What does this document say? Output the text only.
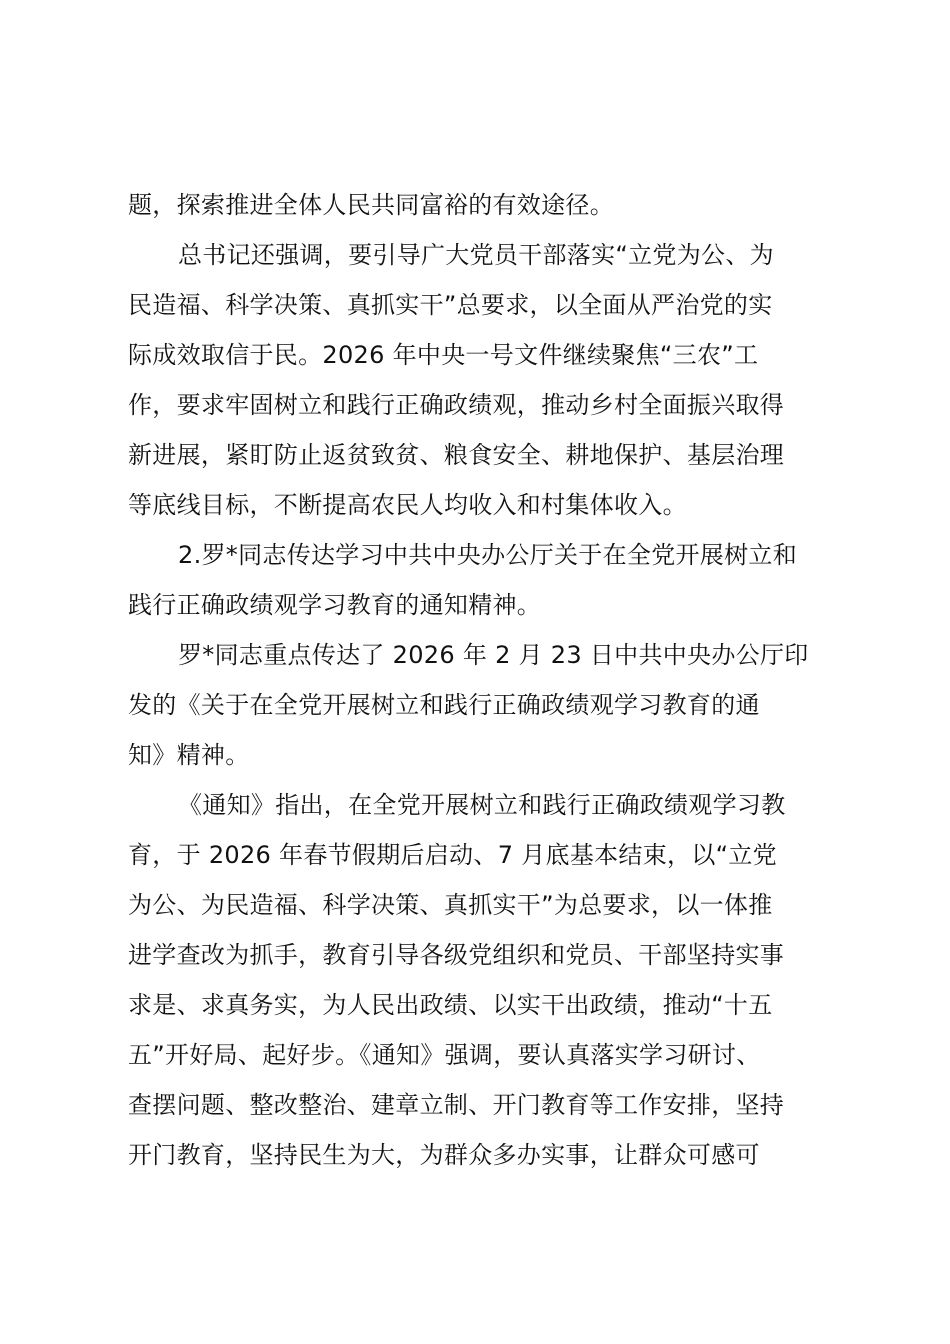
题，探索推进全体人民共同富裕的有效途径。
总书记还强调，要引导广大党员干部落实“立党为公、为
民造福、科学决策、真抓实干”总要求，以全面从严治党的实
际成效取信于民。2026 年中央一号文件继续聚焦“三农”工
作，要求牢固树立和践行正确政绩观，推动乡村全面振兴取得
新进展，紧盯防止返贫致贫、粮食安全、耕地保护、基层治理
等底线目标，不断提高农民人均收入和村集体收入。
2.罗*同志传达学习中共中央办公厅关于在全党开展树立和
践行正确政绩观学习教育的通知精神。
罗*同志重点传达了 2026 年 2 月 23 日中共中央办公厅印
发的《关于在全党开展树立和践行正确政绩观学习教育的通
知》精神。
《通知》指出，在全党开展树立和践行正确政绩观学习教
育，于 2026 年春节假期后启动、7 月底基本结束，以“立党
为公、为民造福、科学决策、真抓实干”为总要求，以一体推
进学查改为抓手，教育引导各级党组织和党员、干部坚持实事
求是、求真务实，为人民出政绩、以实干出政绩，推动“十五
五”开好局、起好步。《通知》强调，要认真落实学习研讨、
查摆问题、整改整治、建章立制、开门教育等工作安排，坚持
开门教育，坚持民生为大，为群众多办实事，让群众可感可
